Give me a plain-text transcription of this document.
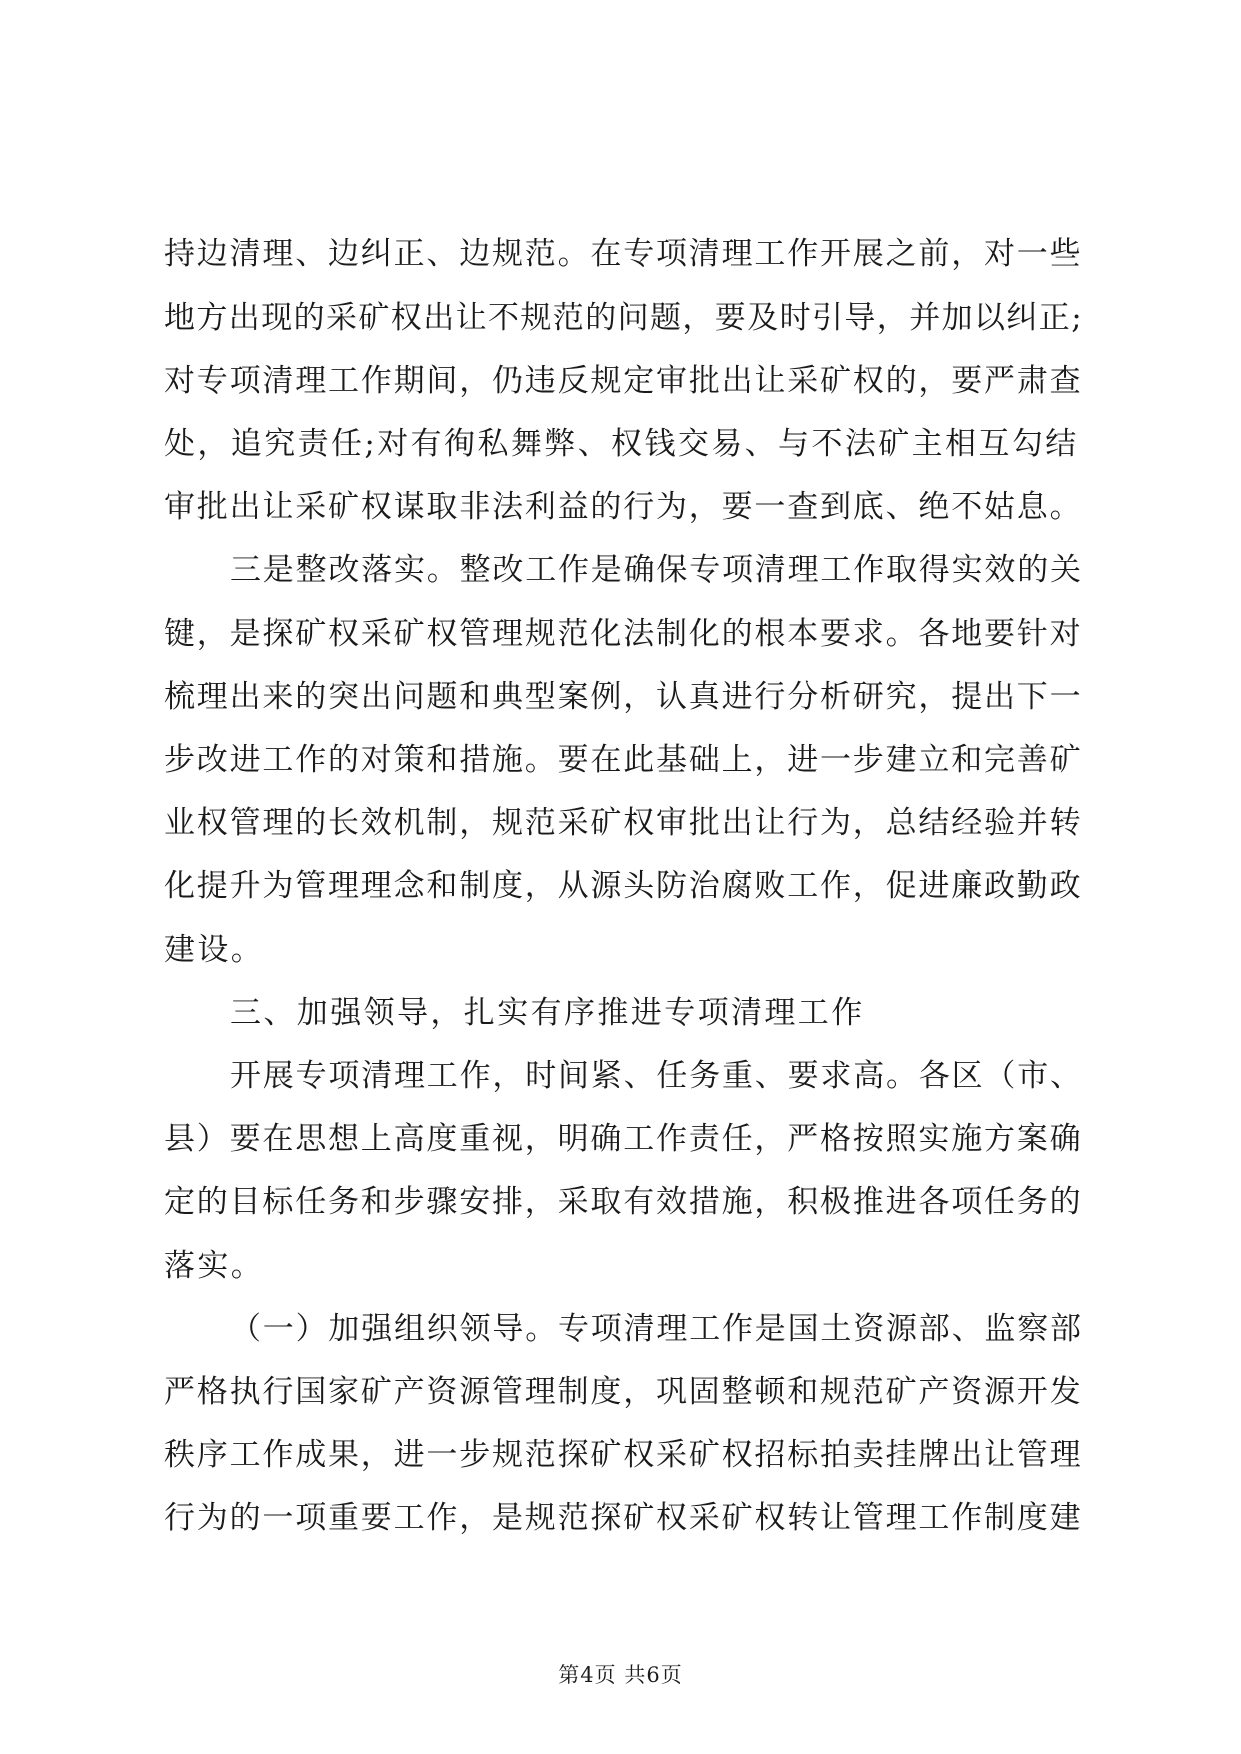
持边清理、边纠正、边规范。在专项清理工作开展之前，对一些
地方出现的采矿权出让不规范的问题，要及时引导，并加以纠正;
对专项清理工作期间，仍违反规定审批出让采矿权的，要严肃查
处，追究责任;对有徇私舞弊、权钱交易、与不法矿主相互勾结
审批出让采矿权谋取非法利益的行为，要一查到底、绝不姑息。
三是整改落实。整改工作是确保专项清理工作取得实效的关
键，是探矿权采矿权管理规范化法制化的根本要求。各地要针对
梳理出来的突出问题和典型案例，认真进行分析研究，提出下一
步改进工作的对策和措施。要在此基础上，进一步建立和完善矿
业权管理的长效机制，规范采矿权审批出让行为，总结经验并转
化提升为管理理念和制度，从源头防治腐败工作，促进廉政勤政
建设。
三、加强领导，扎实有序推进专项清理工作
开展专项清理工作，时间紧、任务重、要求高。各区（市、
县）要在思想上高度重视，明确工作责任，严格按照实施方案确
定的目标任务和步骤安排，采取有效措施，积极推进各项任务的
落实。
（一）加强组织领导。专项清理工作是国土资源部、监察部
严格执行国家矿产资源管理制度，巩固整顿和规范矿产资源开发
秩序工作成果，进一步规范探矿权采矿权招标拍卖挂牌出让管理
行为的一项重要工作，是规范探矿权采矿权转让管理工作制度建
第4页 共6页
